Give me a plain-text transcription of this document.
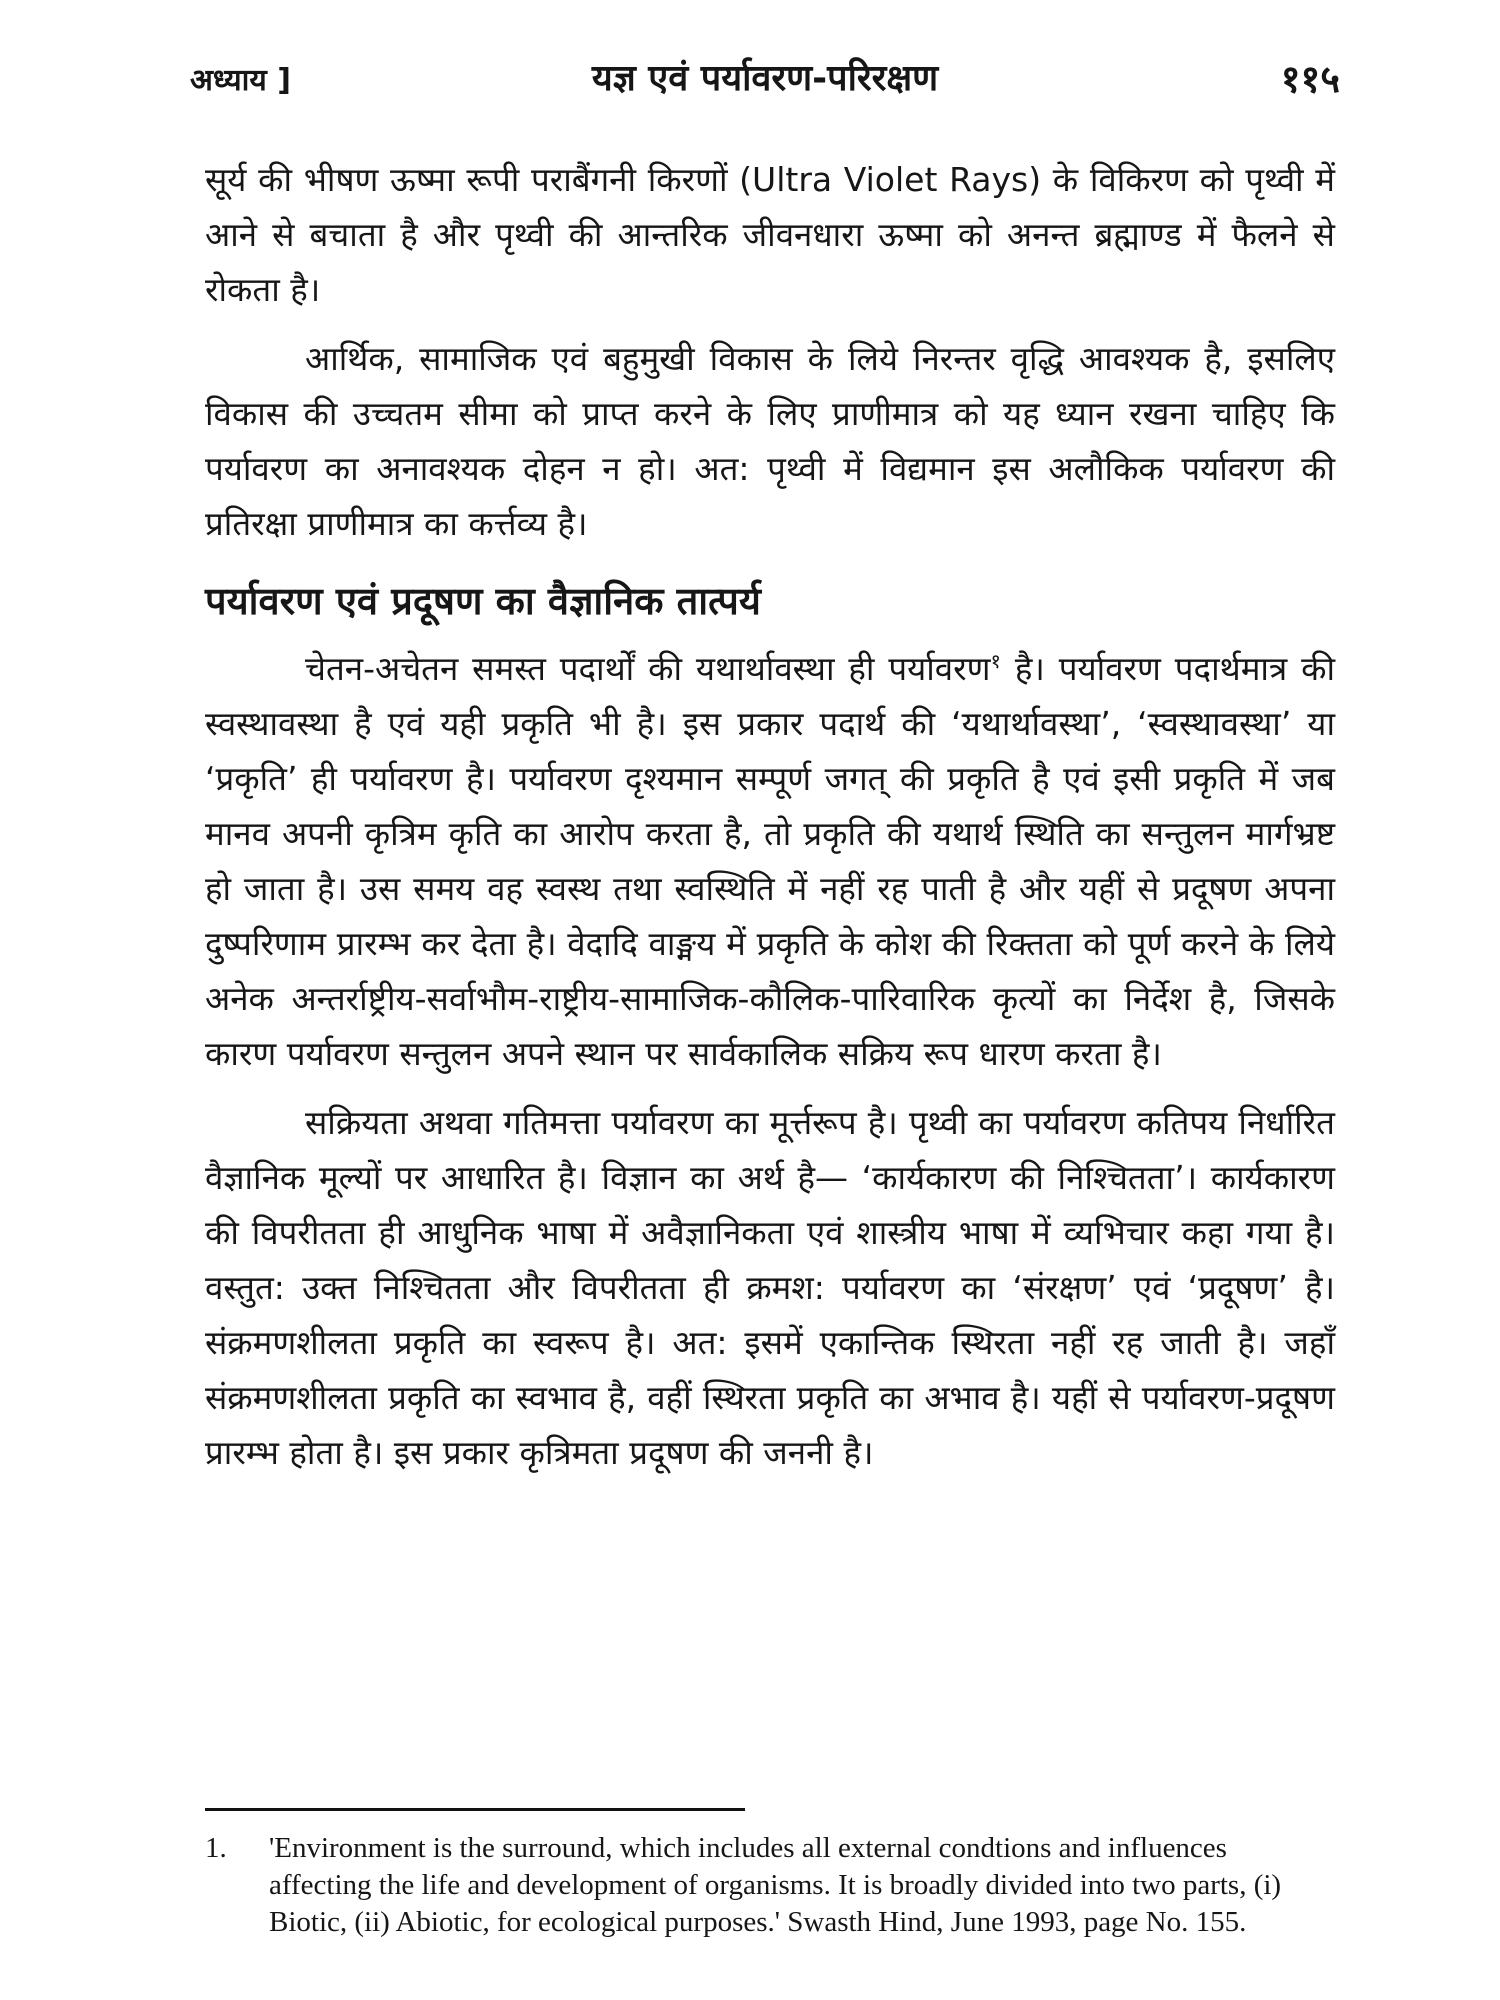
अध्याय ]	यज्ञ एवं पर्यावरण-परिरक्षण	११५

सूर्य की भीषण ऊष्मा रूपी पराबैंगनी किरणों (Ultra Violet Rays) के विकिरण को पृथ्वी में आने से बचाता है और पृथ्वी की आन्तरिक जीवनधारा ऊष्मा को अनन्त ब्रह्माण्ड में फैलने से रोकता है।

आर्थिक, सामाजिक एवं बहुमुखी विकास के लिये निरन्तर वृद्धि आवश्यक है, इसलिए विकास की उच्चतम सीमा को प्राप्त करने के लिए प्राणीमात्र को यह ध्यान रखना चाहिए कि पर्यावरण का अनावश्यक दोहन न हो। अत: पृथ्वी में विद्यमान इस अलौकिक पर्यावरण की प्रतिरक्षा प्राणीमात्र का कर्त्तव्य है।

पर्यावरण एवं प्रदूषण का वैज्ञानिक तात्पर्य

चेतन-अचेतन समस्त पदार्थों की यथार्थावस्था ही पर्यावरण$^१$ है। पर्यावरण पदार्थमात्र की स्वस्थावस्था है एवं यही प्रकृति भी है। इस प्रकार पदार्थ की ‘यथार्थावस्था’, ‘स्वस्थावस्था’ या ‘प्रकृति’ ही पर्यावरण है। पर्यावरण दृश्यमान सम्पूर्ण जगत् की प्रकृति है एवं इसी प्रकृति में जब मानव अपनी कृत्रिम कृति का आरोप करता है, तो प्रकृति की यथार्थ स्थिति का सन्तुलन मार्गभ्रष्ट हो जाता है। उस समय वह स्वस्थ तथा स्वस्थिति में नहीं रह पाती है और यहीं से प्रदूषण अपना दुष्परिणाम प्रारम्भ कर देता है। वेदादि वाङ्मय में प्रकृति के कोश की रिक्तता को पूर्ण करने के लिये अनेक अन्तर्राष्ट्रीय-सर्वाभौम-राष्ट्रीय-सामाजिक-कौलिक-पारिवारिक कृत्यों का निर्देश है, जिसके कारण पर्यावरण सन्तुलन अपने स्थान पर सार्वकालिक सक्रिय रूप धारण करता है।

सक्रियता अथवा गतिमत्ता पर्यावरण का मूर्त्तरूप है। पृथ्वी का पर्यावरण कतिपय निर्धारित वैज्ञानिक मूल्यों पर आधारित है। विज्ञान का अर्थ है— ‘कार्यकारण की निश्चितता’। कार्यकारण की विपरीतता ही आधुनिक भाषा में अवैज्ञानिकता एवं शास्त्रीय भाषा में व्यभिचार कहा गया है। वस्तुत: उक्त निश्चितता और विपरीतता ही क्रमश: पर्यावरण का ‘संरक्षण’ एवं ‘प्रदूषण’ है। संक्रमणशीलता प्रकृति का स्वरूप है। अत: इसमें एकान्तिक स्थिरता नहीं रह जाती है। जहाँ संक्रमणशीलता प्रकृति का स्वभाव है, वहीं स्थिरता प्रकृति का अभाव है। यहीं से पर्यावरण-प्रदूषण प्रारम्भ होता है। इस प्रकार कृत्रिमता प्रदूषण की जननी है।

1.	'Environment is the surround, which includes all external condtions and influences affecting the life and development of organisms. It is broadly divided into two parts, (i) Biotic, (ii) Abiotic, for ecological purposes.' Swasth Hind, June 1993, page No. 155.
